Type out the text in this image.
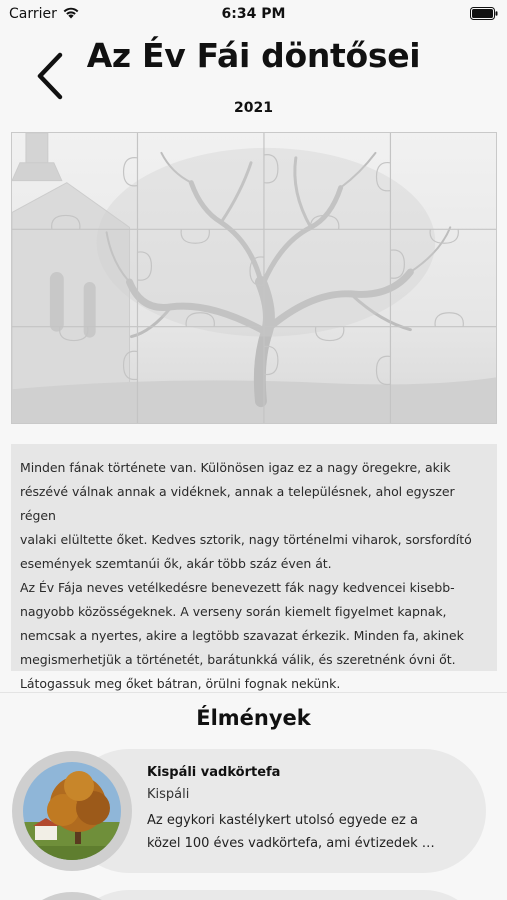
Carrier	6:34 PM
Az Év Fái döntősei
2021

Minden fának története van. Különösen igaz ez a nagy öregekre, akik
részévé válnak annak a vidéknek, annak a településnek, ahol egyszer régen
valaki elültette őket. Kedves sztorik, nagy történelmi viharok, sorsfordító
események szemtanúi ők, akár több száz éven át.
Az Év Fája neves vetélkedésre benevezett fák nagy kedvencei kisebb-
nagyobb közösségeknek. A verseny során kiemelt figyelmet kapnak,
nemcsak a nyertes, akire a legtöbb szavazat érkezik. Minden fa, akinek
megismerhetjük a történetét, barátunkká válik, és szeretnénk óvni őt.
Látogassuk meg őket bátran, örülni fognak nekünk.

Élmények
Kispáli vadkörtefa
Kispáli
Az egykori kastélykert utolsó egyede ez a közel 100 éves vadkörtefa, ami évtizedek …
